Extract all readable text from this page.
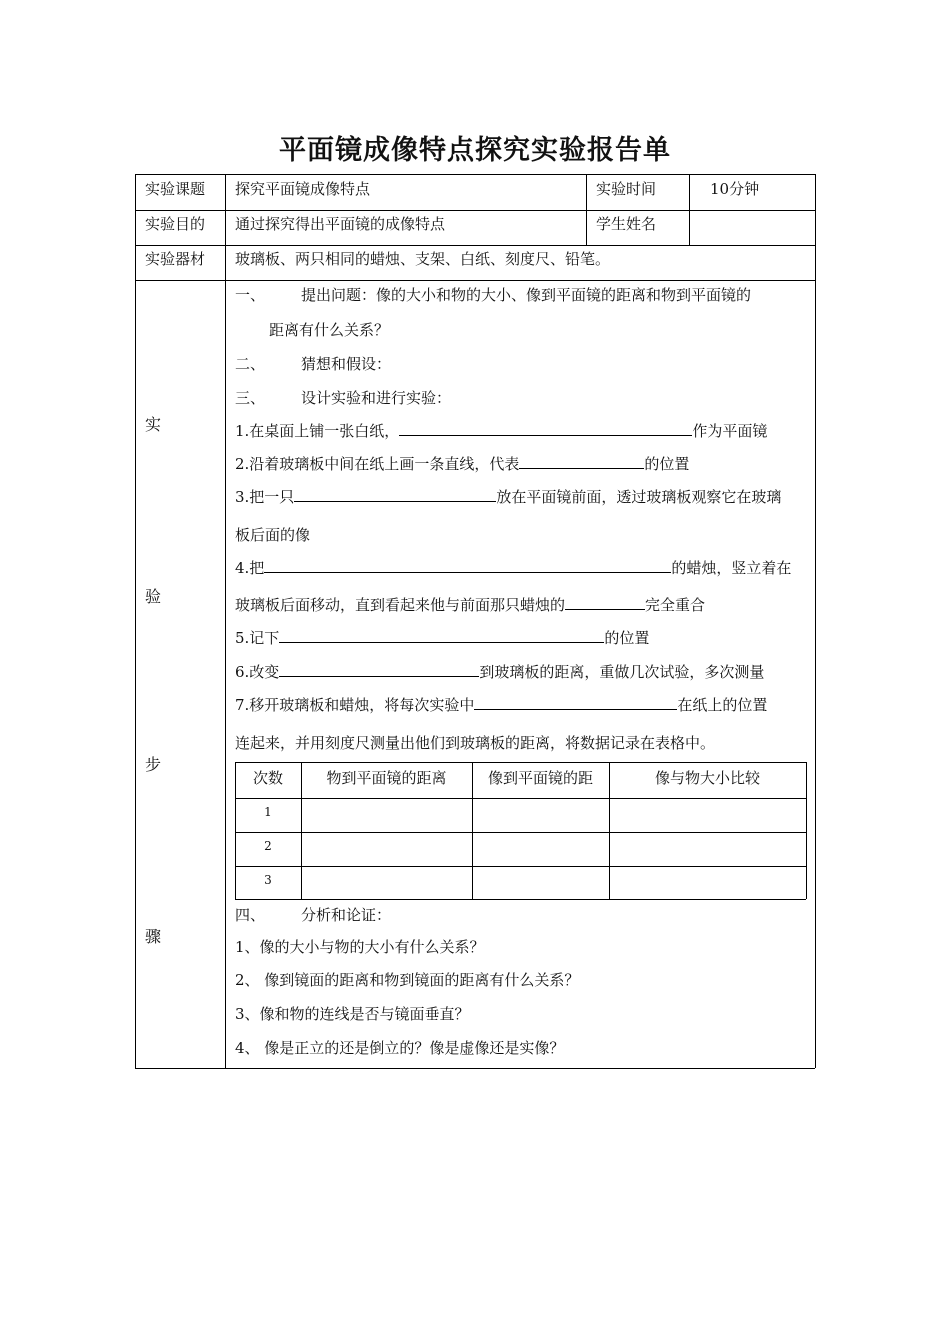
平面镜成像特点探究实验报告单
实验课题 探究平面镜成像特点	实验时间	10分钟
实验目的 通过探究得出平面镜的成像特点	学生姓名
实验器材 玻璃板、两只相同的蜡烛、支架、白纸、刻度尺、铅笔。
实
验
步
骤
一、 提出问题：像的大小和物的大小、像到平面镜的距离和物到平面镜的
距离有什么关系？
二、 猜想和假设：
三、 设计实验和进行实验：
1.在桌面上铺一张白纸，	作为平面镜
2.沿着玻璃板中间在纸上画一条直线，代表	的位置
3.把一只	放在平面镜前面，透过玻璃板观察它在玻璃
板后面的像
4.把	的蜡烛，竖立着在
玻璃板后面移动，直到看起来他与前面那只蜡烛的	完全重合
5.记下	的位置
6.改变	到玻璃板的距离，重做几次试验，多次测量
7.移开玻璃板和蜡烛，将每次实验中	在纸上的位置
连起来，并用刻度尺测量出他们到玻璃板的距离，将数据记录在表格中。
次数	物到平面镜的距离	像到平面镜的距	像与物大小比较
1
2
3
四、 分析和论证：
1、像的大小与物的大小有什么关系？
2、 像到镜面的距离和物到镜面的距离有什么关系？
3、像和物的连线是否与镜面垂直？
4、 像是正立的还是倒立的？像是虚像还是实像？
